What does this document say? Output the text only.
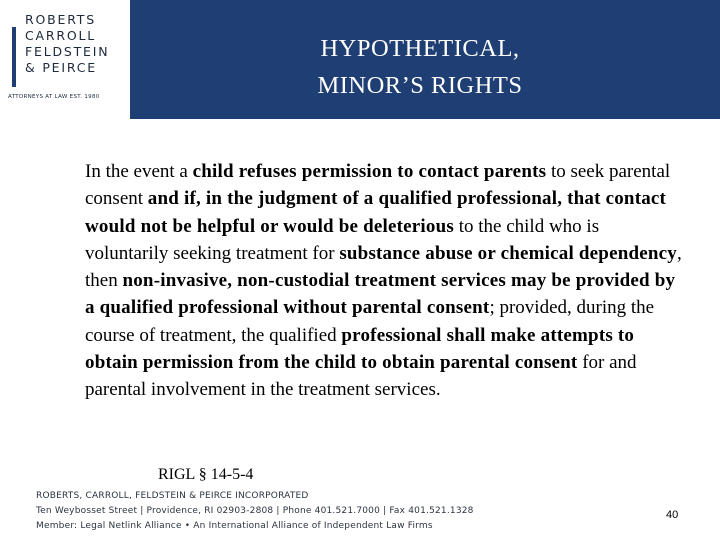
ROBERTS
CARROLL
FELDSTEIN
& PEIRCE
ATTORNEYS AT LAW EST. 1980
HYPOTHETICAL,
MINOR’S RIGHTS
In the event a child refuses permission to contact parents to seek parental consent and if, in the judgment of a qualified professional, that contact would not be helpful or would be deleterious to the child who is voluntarily seeking treatment for substance abuse or chemical dependency, then non-invasive, non-custodial treatment services may be provided by a qualified professional without parental consent; provided, during the course of treatment, the qualified professional shall make attempts to obtain permission from the child to obtain parental consent for and parental involvement in the treatment services.
RIGL § 14-5-4
ROBERTS, CARROLL, FELDSTEIN & PEIRCE INCORPORATED
Ten Weybosset Street | Providence, RI 02903-2808 | Phone 401.521.7000 | Fax 401.521.1328
Member: Legal Netlink Alliance • An International Alliance of Independent Law Firms
40
